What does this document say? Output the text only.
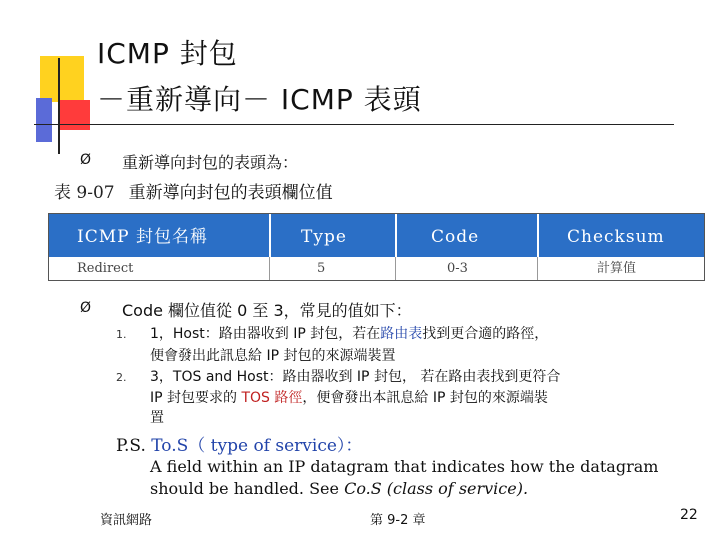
ICMP 封包
－重新導向－ ICMP 表頭
Ø 重新導向封包的表頭為：
表 9-07 重新導向封包的表頭欄位值
ICMP 封包名稱	Type	Code	Checksum
Redirect	5	0-3	計算值
Ø Code 欄位值從 0 至 3，常見的值如下：
1. 1，Host：路由器收到 IP 封包，若在路由表找到更合適的路徑，
便會發出此訊息給 IP 封包的來源端裝置
2. 3，TOS and Host：路由器收到 IP 封包， 若在路由表找到更符合
IP 封包要求的 TOS 路徑，便會發出本訊息給 IP 封包的來源端裝
置
P.S. To.S（ type of service）：
A field within an IP datagram that indicates how the datagram
should be handled. See Co.S (class of service).
資訊網路	第 9-2 章	22
